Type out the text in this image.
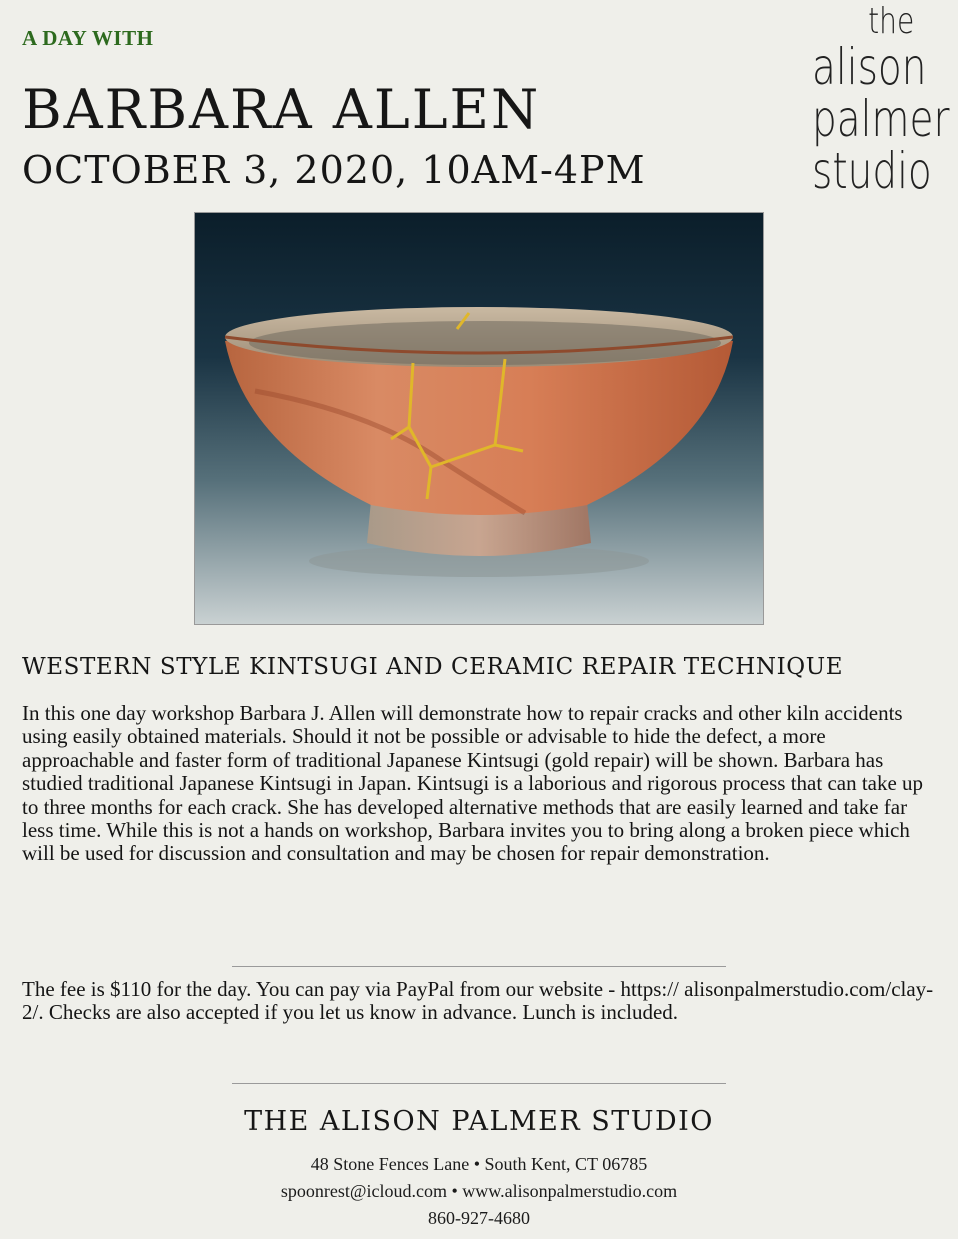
A DAY WITH
BARBARA ALLEN
OCTOBER 3, 2020, 10AM-4PM
the
alison
palmer
studio
WESTERN STYLE KINTSUGI AND CERAMIC REPAIR TECHNIQUE

In this one day workshop Barbara J. Allen will demonstrate how to repair cracks and other kiln accidents using easily obtained materials. Should it not be possible or advisable to hide the defect, a more approachable and faster form of traditional Japanese Kintsugi (gold repair) will be shown. Barbara has studied traditional Japanese Kintsugi in Japan. Kintsugi is a laborious and rigorous process that can take up to three months for each crack. She has developed alternative methods that are easily learned and take far less time. While this is not a hands on workshop, Barbara invites you to bring along a broken piece which will be used for discussion and consultation and may be chosen for repair demonstration.

The fee is $110 for the day. You can pay via PayPal from our website - https:// alisonpalmerstudio.com/clay-2/. Checks are also accepted if you let us know in advance. Lunch is included.

THE ALISON PALMER STUDIO
48 Stone Fences Lane • South Kent, CT 06785
spoonrest@icloud.com • www.alisonpalmerstudio.com
860-927-4680
